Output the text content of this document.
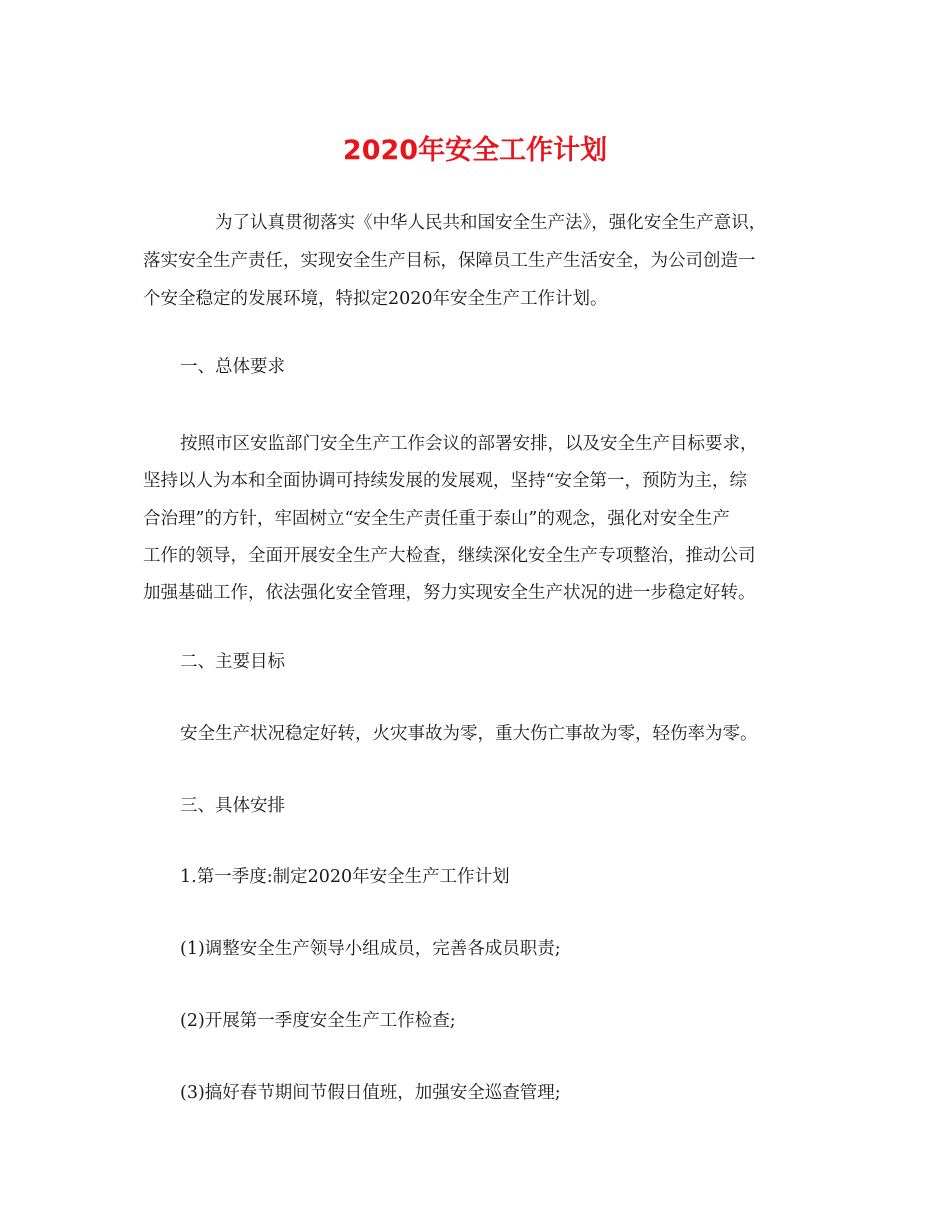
2020年安全工作计划
为了认真贯彻落实《中华人民共和国安全生产法》，强化安全生产意识，
落实安全生产责任，实现安全生产目标，保障员工生产生活安全，为公司创造一
个安全稳定的发展环境，特拟定2020年安全生产工作计划。
一、总体要求
按照市区安监部门安全生产工作会议的部署安排，以及安全生产目标要求，
坚持以人为本和全面协调可持续发展的发展观，坚持“安全第一，预防为主，综
合治理”的方针，牢固树立“安全生产责任重于泰山”的观念，强化对安全生产
工作的领导，全面开展安全生产大检查，继续深化安全生产专项整治，推动公司
加强基础工作，依法强化安全管理，努力实现安全生产状况的进一步稳定好转。
二、主要目标
安全生产状况稳定好转，火灾事故为零，重大伤亡事故为零，轻伤率为零。
三、具体安排
1.第一季度:制定2020年安全生产工作计划
(1)调整安全生产领导小组成员，完善各成员职责;
(2)开展第一季度安全生产工作检查;
(3)搞好春节期间节假日值班，加强安全巡查管理;
